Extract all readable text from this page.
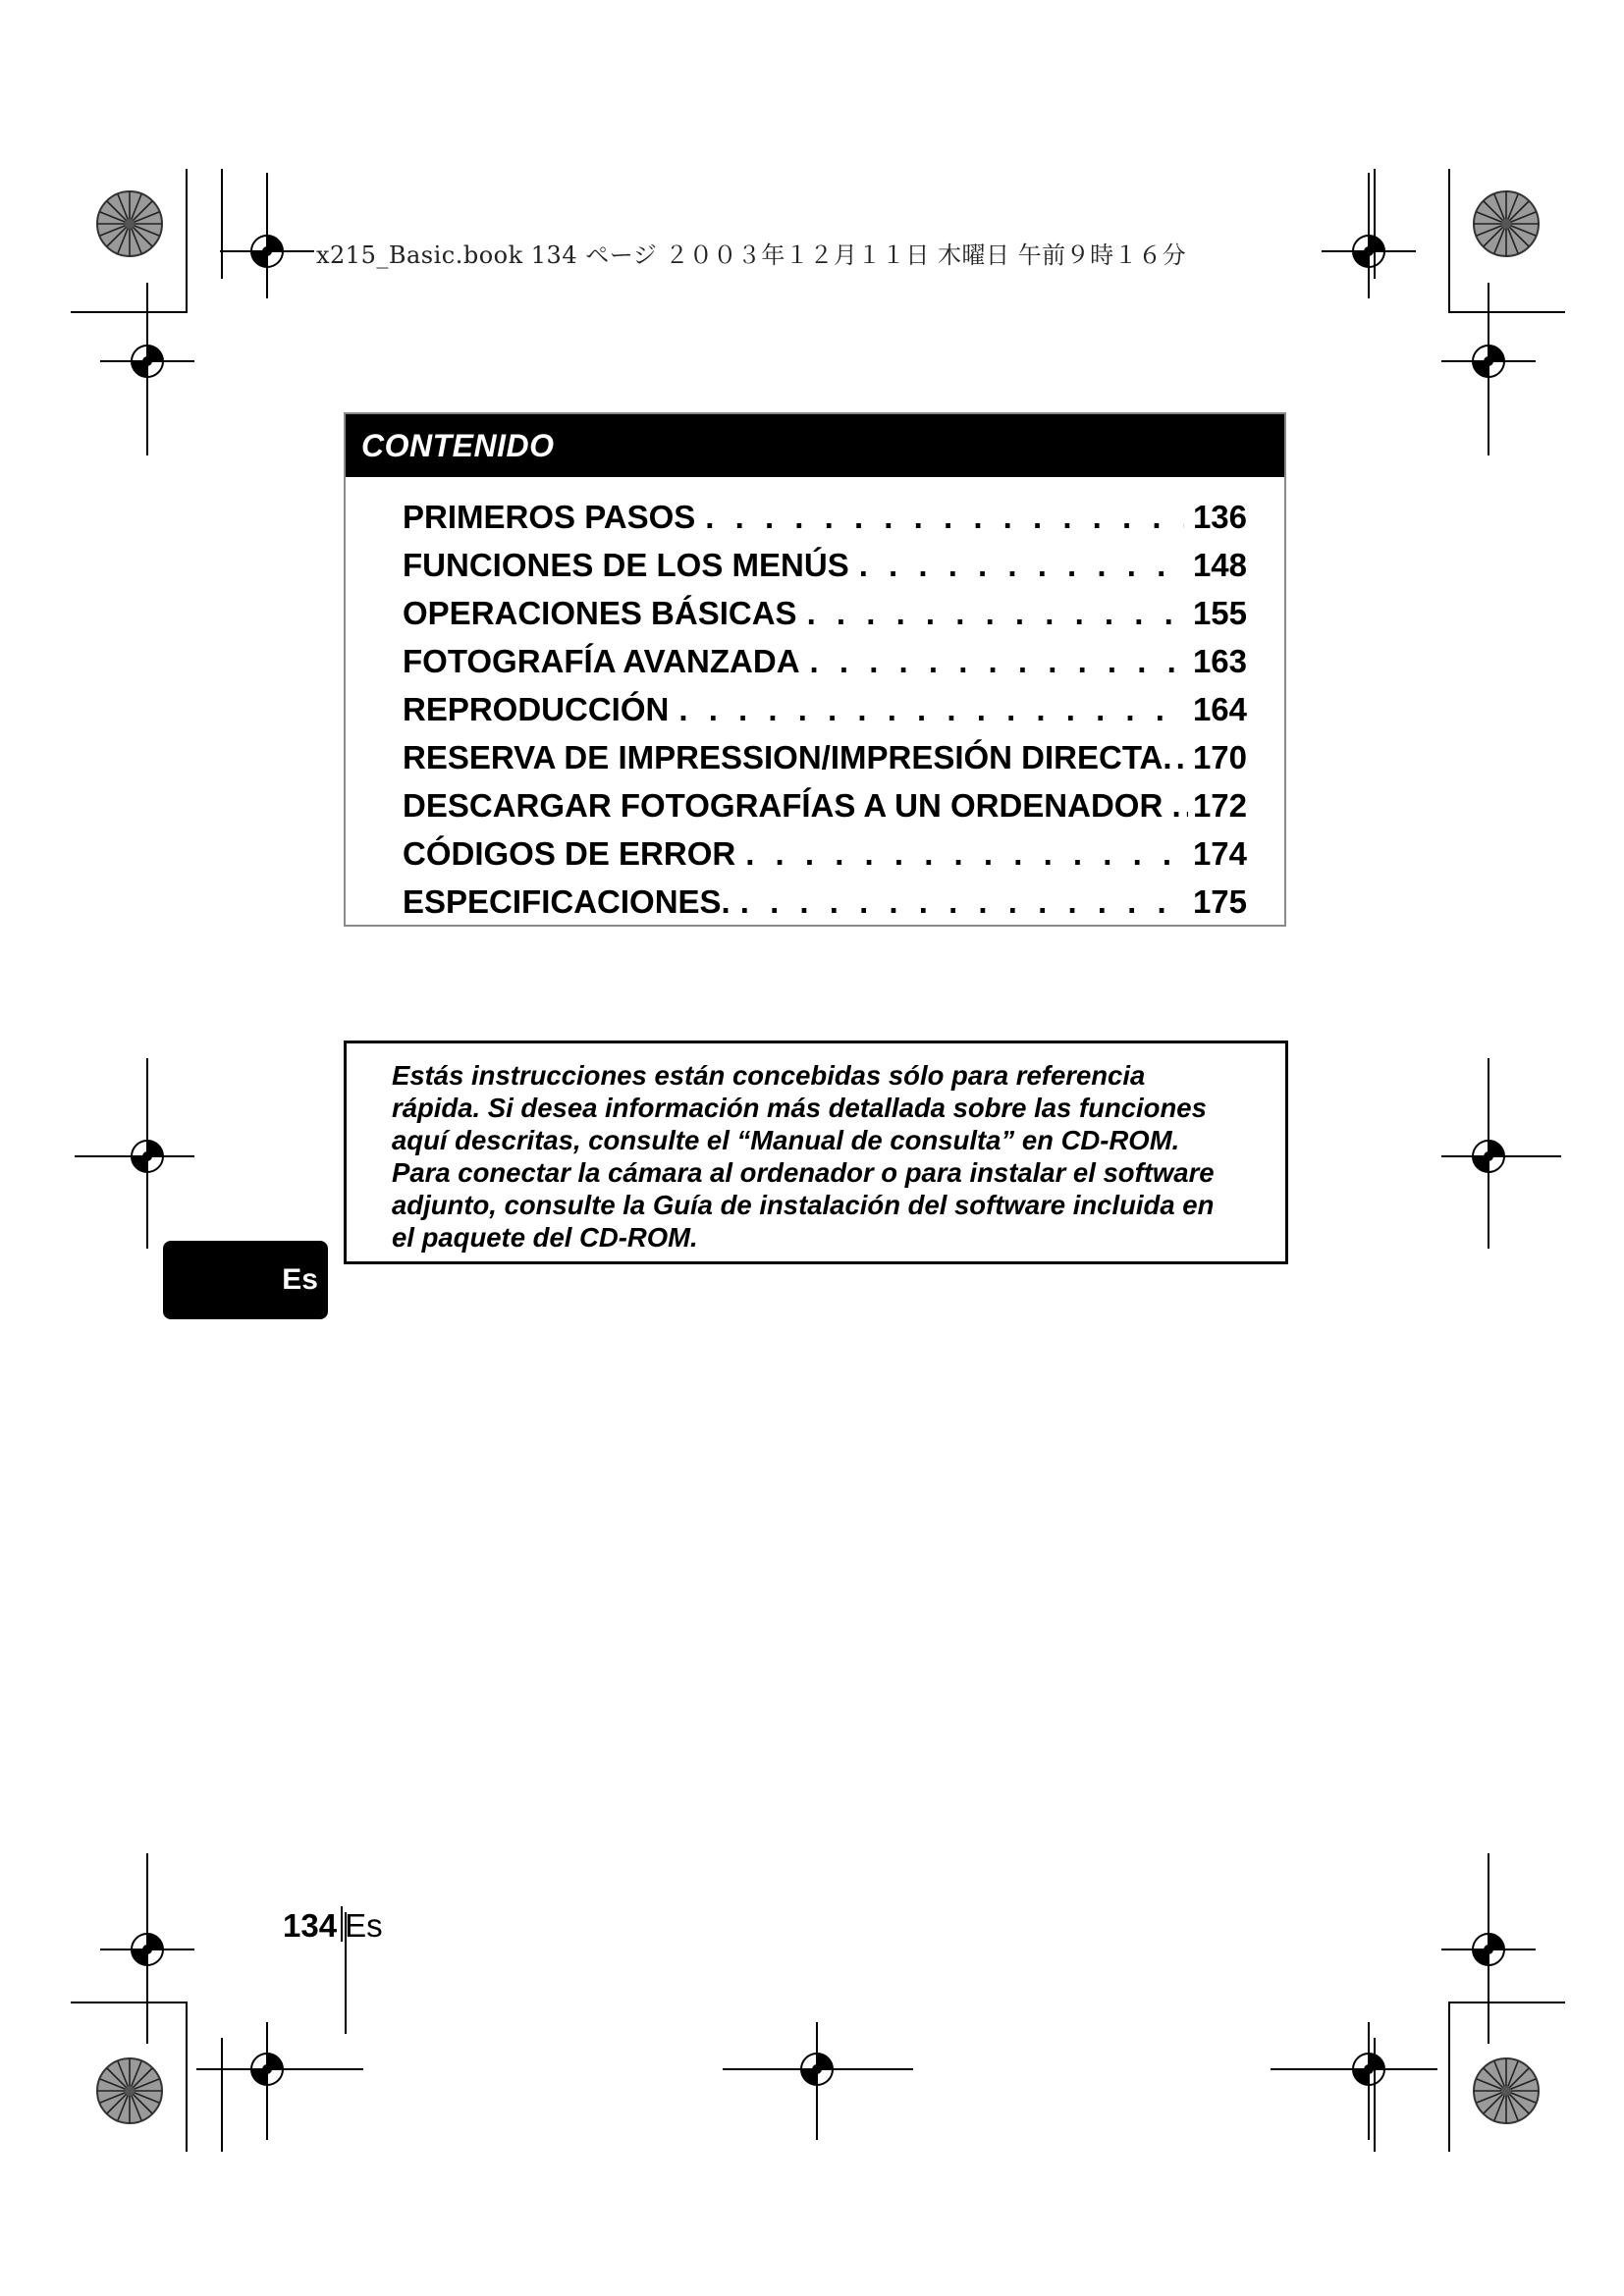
x215_Basic.book 134 ページ ２００３年１２月１１日 木曜日 午前９時１６分
CONTENIDO
PRIMEROS PASOS . . .	136
FUNCIONES DE LOS MENÚS . . .	148
OPERACIONES BÁSICAS . . .	155
FOTOGRAFÍA AVANZADA . . .	163
REPRODUCCIÓN . . .	164
RESERVA DE IMPRESSION/IMPRESIÓN DIRECTA. . . . 170
DESCARGAR FOTOGRAFÍAS A UN ORDENADOR . . . . 172
CÓDIGOS DE ERROR . . .	174
ESPECIFICACIONES. . . .	175

Estás instrucciones están concebidas sólo para referencia
rápida. Si desea información más detallada sobre las funciones
aquí descritas, consulte el “Manual de consulta” en CD-ROM.
Para conectar la cámara al ordenador o para instalar el software
adjunto, consulte la Guía de instalación del software incluida en
el paquete del CD-ROM.

Es
134 Es
